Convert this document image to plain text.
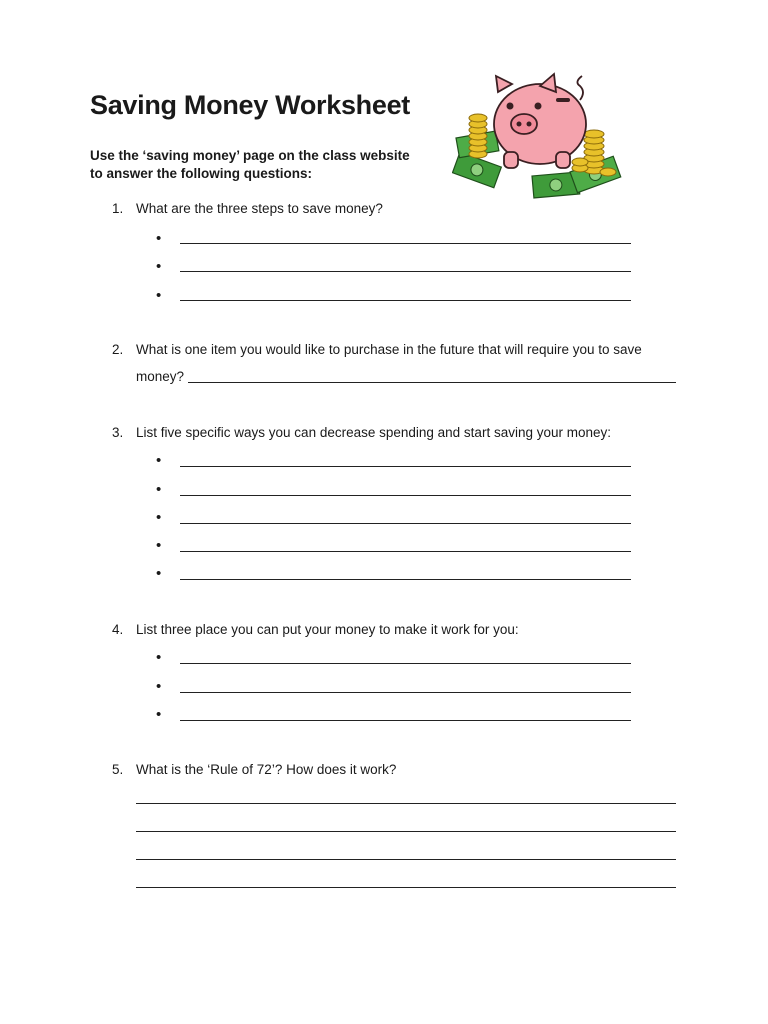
Saving Money Worksheet
Use the ‘saving money’ page on the class website
to answer the following questions:
1. What are the three steps to save money?
•
•
•
2. What is one item you would like to purchase in the future that will require you to save
money?
3. List five specific ways you can decrease spending and start saving your money:
•
•
•
•
•
4. List three place you can put your money to make it work for you:
•
•
•
5. What is the ‘Rule of 72’? How does it work?
